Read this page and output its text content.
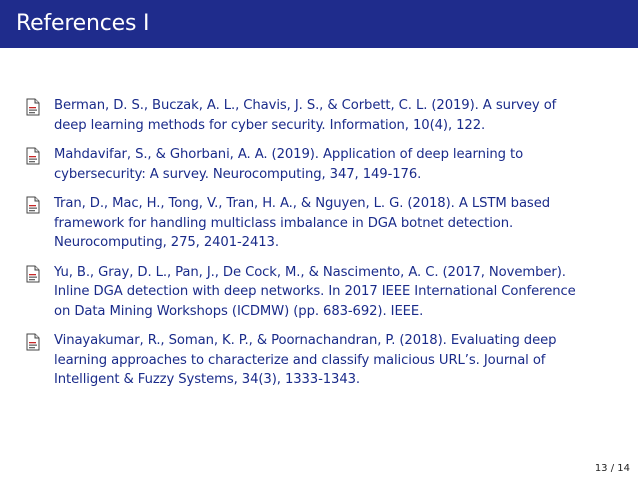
References I
Berman, D. S., Buczak, A. L., Chavis, J. S., & Corbett, C. L. (2019). A survey of
deep learning methods for cyber security. Information, 10(4), 122.
Mahdavifar, S., & Ghorbani, A. A. (2019). Application of deep learning to
cybersecurity: A survey. Neurocomputing, 347, 149-176.
Tran, D., Mac, H., Tong, V., Tran, H. A., & Nguyen, L. G. (2018). A LSTM based
framework for handling multiclass imbalance in DGA botnet detection.
Neurocomputing, 275, 2401-2413.
Yu, B., Gray, D. L., Pan, J., De Cock, M., & Nascimento, A. C. (2017, November).
Inline DGA detection with deep networks. In 2017 IEEE International Conference
on Data Mining Workshops (ICDMW) (pp. 683-692). IEEE.
Vinayakumar, R., Soman, K. P., & Poornachandran, P. (2018). Evaluating deep
learning approaches to characterize and classify malicious URL’s. Journal of
Intelligent & Fuzzy Systems, 34(3), 1333-1343.
13 / 14
